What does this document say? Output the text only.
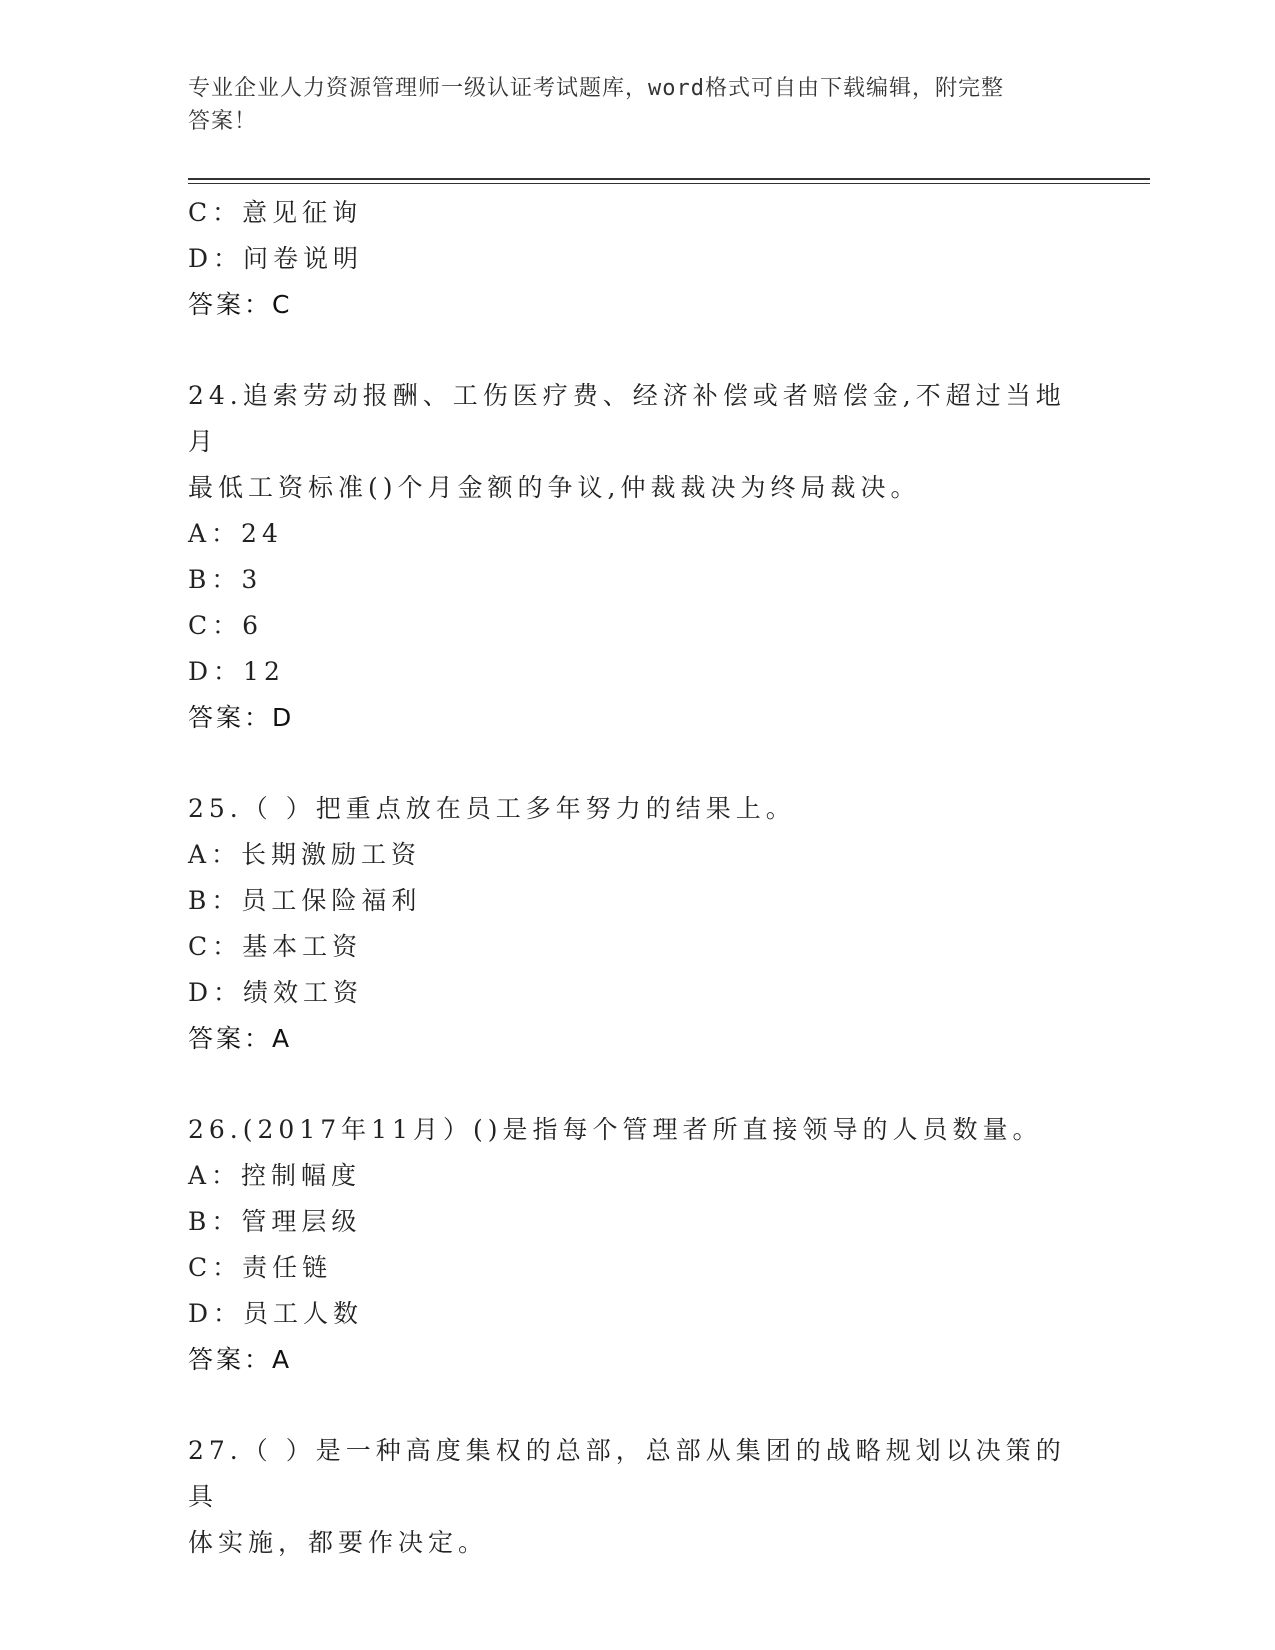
专业企业人力资源管理师一级认证考试题库，word格式可自由下载编辑，附完整
答案！
C：意见征询
D：问卷说明
答案：C
24.追索劳动报酬、工伤医疗费、经济补偿或者赔偿金,不超过当地月
最低工资标准()个月金额的争议,仲裁裁决为终局裁决。
A：24
B：3
C：6
D：12
答案：D
25.（ ）把重点放在员工多年努力的结果上。
A：长期激励工资
B：员工保险福利
C：基本工资
D：绩效工资
答案：A
26.(2017年11月）()是指每个管理者所直接领导的人员数量。
A：控制幅度
B：管理层级
C：责任链
D：员工人数
答案：A
27.（ ）是一种高度集权的总部，总部从集团的战略规划以决策的具
体实施，都要作决定。
